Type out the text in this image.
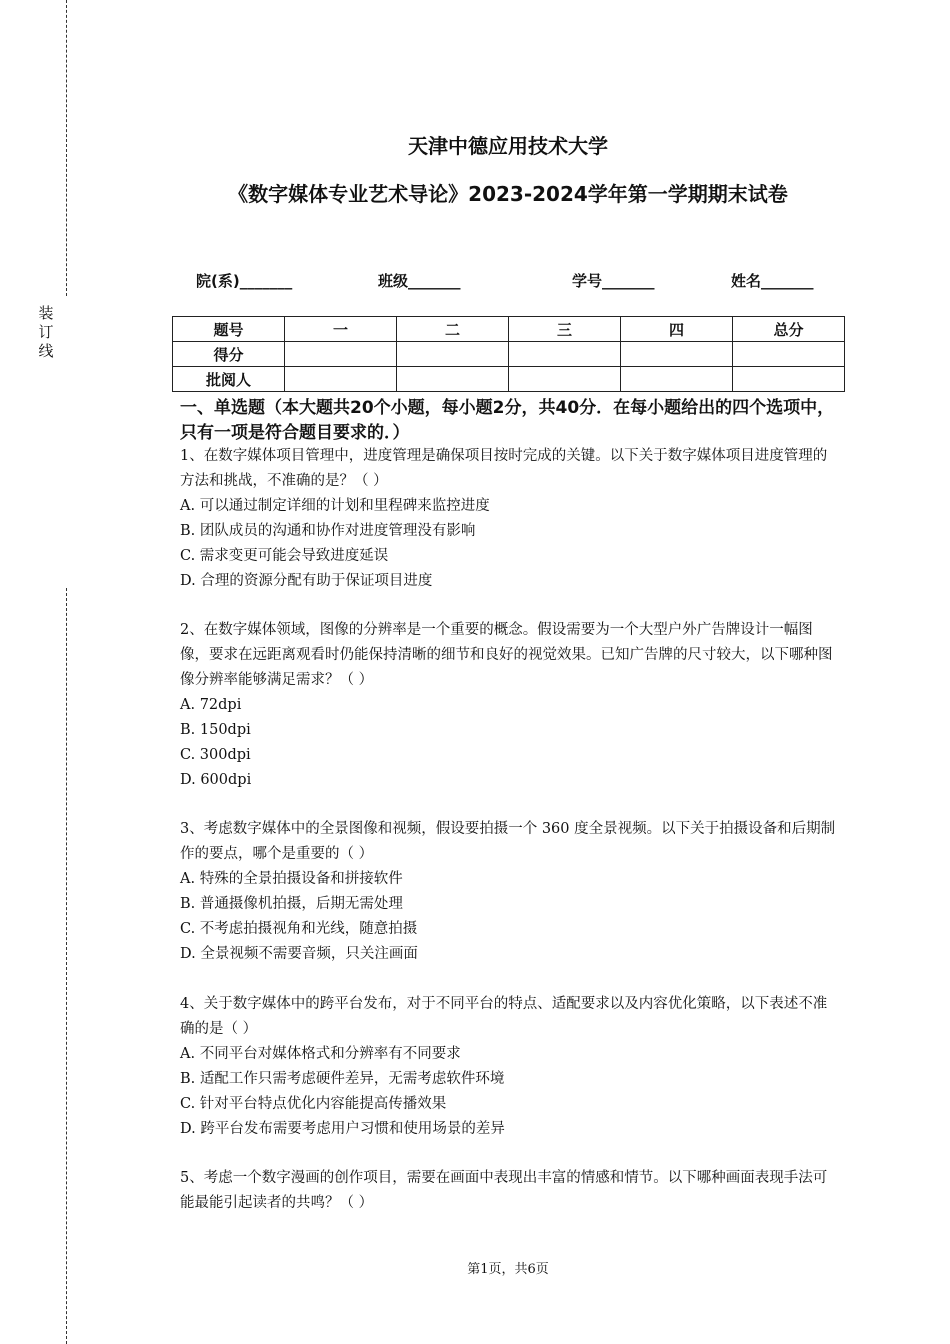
装
订
线
天津中德应用技术大学
《数字媒体专业艺术导论》2023-2024学年第一学期期末试卷
院(系)_______	班级_______	学号_______	姓名_______
题号	一	二	三	四	总分
得分					
批阅人					
一、单选题（本大题共20个小题，每小题2分，共40分．在每小题给出的四个选项中，只有一项是符合题目要求的．）

1、在数字媒体项目管理中，进度管理是确保项目按时完成的关键。以下关于数字媒体项目进度管理的方法和挑战，不准确的是？（ ）

A. 可以通过制定详细的计划和里程碑来监控进度
B. 团队成员的沟通和协作对进度管理没有影响
C. 需求变更可能会导致进度延误
D. 合理的资源分配有助于保证项目进度

2、在数字媒体领域，图像的分辨率是一个重要的概念。假设需要为一个大型户外广告牌设计一幅图像，要求在远距离观看时仍能保持清晰的细节和良好的视觉效果。已知广告牌的尺寸较大，以下哪种图像分辨率能够满足需求？（ ）

A. 72dpi
B. 150dpi
C. 300dpi
D. 600dpi

3、考虑数字媒体中的全景图像和视频，假设要拍摄一个 360 度全景视频。以下关于拍摄设备和后期制作的要点，哪个是重要的（ ）

A. 特殊的全景拍摄设备和拼接软件
B. 普通摄像机拍摄，后期无需处理
C. 不考虑拍摄视角和光线，随意拍摄
D. 全景视频不需要音频，只关注画面

4、关于数字媒体中的跨平台发布，对于不同平台的特点、适配要求以及内容优化策略，以下表述不准确的是（ ）

A. 不同平台对媒体格式和分辨率有不同要求
B. 适配工作只需考虑硬件差异，无需考虑软件环境
C. 针对平台特点优化内容能提高传播效果
D. 跨平台发布需要考虑用户习惯和使用场景的差异

5、考虑一个数字漫画的创作项目，需要在画面中表现出丰富的情感和情节。以下哪种画面表现手法可能最能引起读者的共鸣？（ ）

第1页，共6页
